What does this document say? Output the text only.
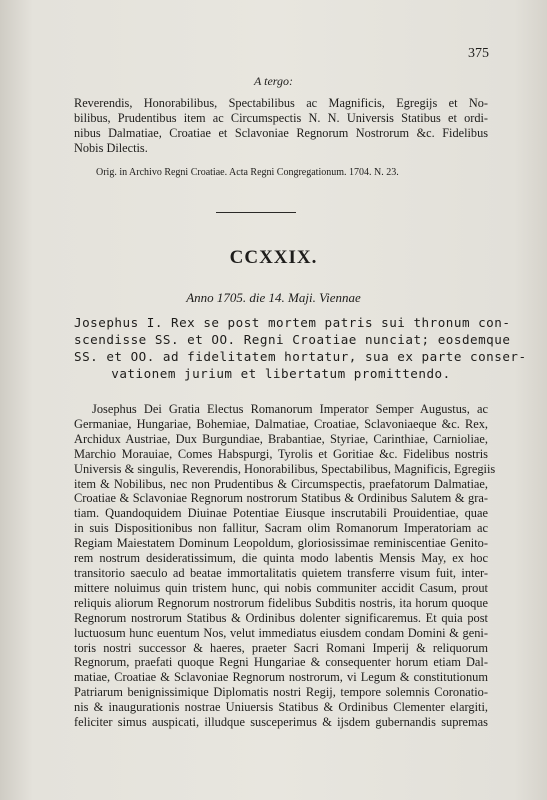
375
A tergo:
Reverendis, Honorabilibus, Spectabilibus ac Magnificis, Egregijs et No-
bilibus, Prudentibus item ac Circumspectis N. N. Universis Statibus et ordi-
nibus Dalmatiae, Croatiae et Sclavoniae Regnorum Nostrorum &c. Fidelibus
Nobis Dilectis.
Orig. in Archivo Regni Croatiae. Acta Regni Congregationum. 1704. N. 23.
CCXXIX.
Anno 1705. die 14. Maji. Viennae
Josephus I. Rex se post mortem patris sui thronum con-
scendisse SS. et OO. Regni Croatiae nunciat; eosdemque
SS. et OO. ad fidelitatem hortatur, sua ex parte conser-
vationem jurium et libertatum promittendo.
Josephus Dei Gratia Electus Romanorum Imperator Semper Augustus, ac
Germaniae, Hungariae, Bohemiae, Dalmatiae, Croatiae, Sclavoniaeque &c. Rex,
Archidux Austriae, Dux Burgundiae, Brabantiae, Styriae, Carinthiae, Carnioliae,
Marchio Morauiae, Comes Habspurgi, Tyrolis et Goritiae &c. Fidelibus nostris
Universis & singulis, Reverendis, Honorabilibus, Spectabilibus, Magnificis, Egregiis
item & Nobilibus, nec non Prudentibus & Circumspectis, praefatorum Dalmatiae,
Croatiae & Sclavoniae Regnorum nostrorum Statibus & Ordinibus Salutem & gra-
tiam. Quandoquidem Diuinae Potentiae Eiusque inscrutabili Prouidentiae, quae
in suis Dispositionibus non fallitur, Sacram olim Romanorum Imperatoriam ac
Regiam Maiestatem Dominum Leopoldum, gloriosissimae reminiscentiae Genito-
rem nostrum desideratissimum, die quinta modo labentis Mensis May, ex hoc
transitorio saeculo ad beatae immortalitatis quietem transferre visum fuit, inter-
mittere noluimus quin tristem hunc, qui nobis communiter accidit Casum, prout
reliquis aliorum Regnorum nostrorum fidelibus Subditis nostris, ita horum quoque
Regnorum nostrorum Statibus & Ordinibus dolenter significaremus. Et quia post
luctuosum hunc euentum Nos, velut immediatus eiusdem condam Domini & geni-
toris nostri successor & haeres, praeter Sacri Romani Imperij & reliquorum
Regnorum, praefati quoque Regni Hungariae & consequenter horum etiam Dal-
matiae, Croatiae & Sclavoniae Regnorum nostrorum, vi Legum & constitutionum
Patriarum benignissimique Diplomatis nostri Regij, tempore solemnis Coronatio-
nis & inaugurationis nostrae Uniuersis Statibus & Ordinibus Clementer elargiti,
feliciter simus auspicati, illudque susceperimus & ijsdem gubernandis supremas
